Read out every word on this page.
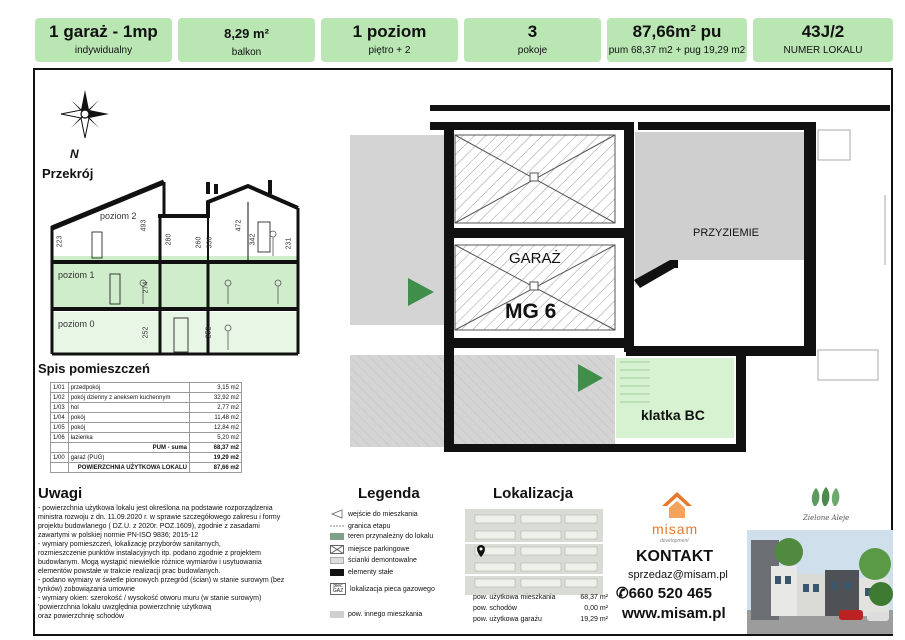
1 garaż - 1mp
indywidualny
8,29 m²
balkon
1 poziom
piętro + 2
3
pokoje
87,66m² pu
pum 68,37 m2 + pug 19,29 m2
43J/2
NUMER LOKALU
N
Przekrój
poziom 2
poziom 1
poziom 0
223
493
280	260 336
472
342	231
274
252	252
Spis pomieszczeń
1/01	przedpokój	3,15 m2
1/02	pokój dzienny z aneksem kuchennym	32,92 m2
1/03	hol	2,77 m2
1/04	pokój	11,48 m2
1/05	pokój	12,84 m2
1/06	łazienka	5,20 m2
	PUM - suma	68,37 m2
1/00	garaż (PUG)	19,29 m2
	POWIERZCHNIA UŻYTKOWA LOKALU	87,66 m2
PRZYZIEMIE
GARAŻ
MG 6
klatka BC
Uwagi
- powierzchnia użytkowa lokalu jest określona na podstawie rozporządzenia
ministra rozwoju z dn. 11.09.2020 r. w sprawie szczegółowego zakresu i formy
projektu budowlanego ( DZ.U. z 2020r. POZ.1609), zgodnie z zasadami
zawartymi w polskiej normie PN-ISO 9836; 2015-12
- wymiary pomieszczeń, lokalizację przyborów sanitarnych,
rozmieszczenie punktów instalacyjnych itp. podano zgodnie z projektem
budowlanym. Mogą wystąpić niewielkie różnice wymiarów i usytuowania
elementów powstałe w trakcie realizacji prac budowlanych.
- podano wymiary w świetle pionowych przegród (ścian) w stanie surowym (bez
tynków) zobowiązania umowne
- wymiary okien: szerokość / wysokość otworu muru (w stanie surowym)
'powierzchnia lokalu uwzględnia powierzchnię użytkową
oraz powierzchnię schodów
Legenda
wejście do mieszkania
granica etapu
teren przynależny do lokalu
miejsce parkingowe
ścianki demontowalne
elementy stałe
piec GAZ lokalizacja pieca gazowego
pow. innego mieszkania
Lokalizacja
pow. użytkowa mieszkania	68,37 m²
pow. schodów	0,00 m²
pow. użytkowa garażu	19,29 m²
misam
development
KONTAKT
sprzedaz@misam.pl
✆660 520 465
www.misam.pl
Zielone Aleje
